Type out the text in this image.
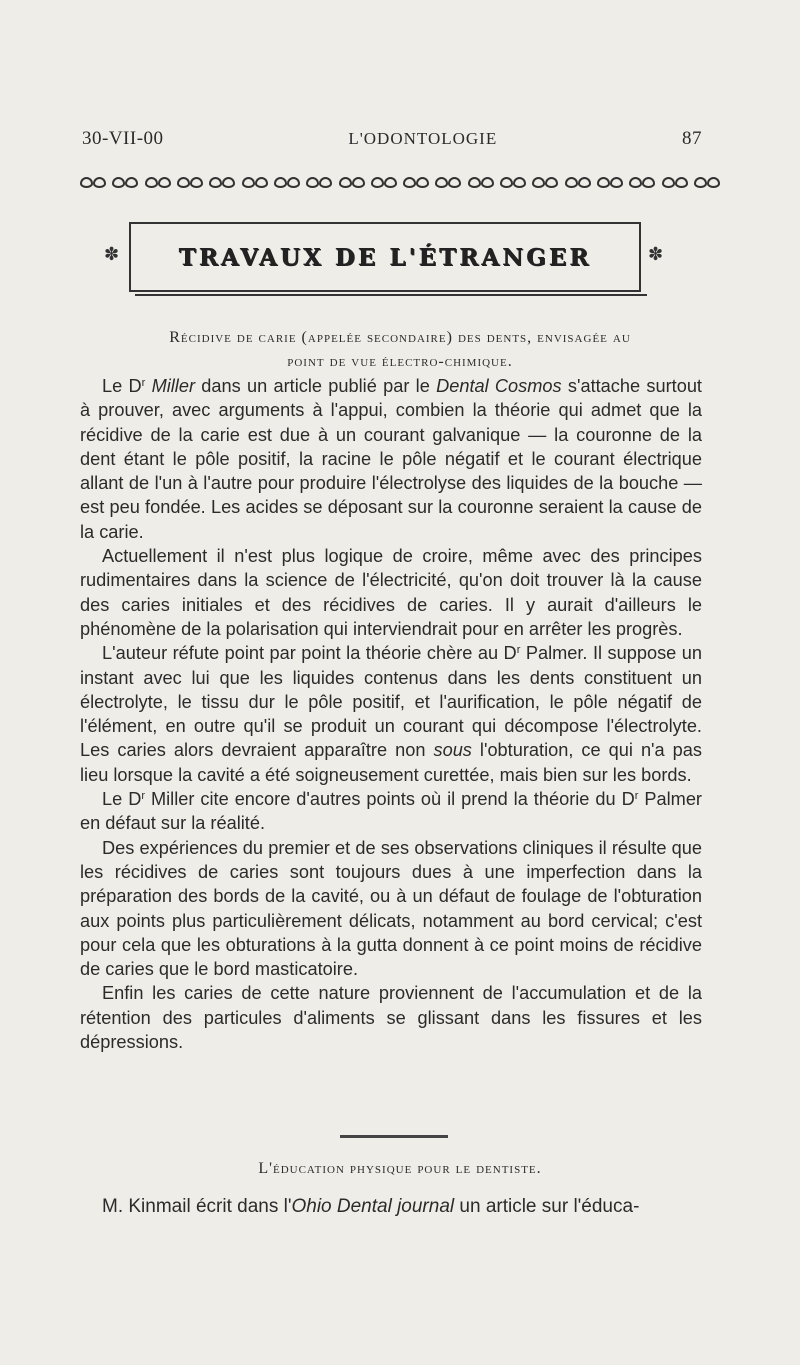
30-VII-00	L'ODONTOLOGIE	87
✽	TRAVAUX DE L'ÉTRANGER	✽
Récidive de carie (appelée secondaire) des dents, envisagée au
point de vue électro-chimique.

Le $D^r$ Miller dans un article publié par le Dental Cosmos s'attache surtout à prouver, avec arguments à l'appui, combien la théorie qui admet que la récidive de la carie est due à un courant galvanique — la couronne de la dent étant le pôle positif, la racine le pôle négatif et le courant électrique allant de l'un à l'autre pour produire l'électrolyse des liquides de la bouche — est peu fondée. Les acides se déposant sur la couronne seraient la cause de la carie.

Actuellement il n'est plus logique de croire, même avec des principes rudimentaires dans la science de l'électricité, qu'on doit trouver là la cause des caries initiales et des récidives de caries. Il y aurait d'ailleurs le phénomène de la polarisation qui interviendrait pour en arrêter les progrès.

L'auteur réfute point par point la théorie chère au $D^r$ Palmer. Il suppose un instant avec lui que les liquides contenus dans les dents constituent un électrolyte, le tissu dur le pôle positif, et l'aurification, le pôle négatif de l'élément, en outre qu'il se produit un courant qui décompose l'électrolyte. Les caries alors devraient apparaître non sous l'obturation, ce qui n'a pas lieu lorsque la cavité a été soigneusement curettée, mais bien sur les bords.

Le $D^r$ Miller cite encore d'autres points où il prend la théorie du $D^r$ Palmer en défaut sur la réalité.

Des expériences du premier et de ses observations cliniques il résulte que les récidives de caries sont toujours dues à une imperfection dans la préparation des bords de la cavité, ou à un défaut de foulage de l'obturation aux points plus particulièrement délicats, notamment au bord cervical; c'est pour cela que les obturations à la gutta donnent à ce point moins de récidive de caries que le bord masticatoire.

Enfin les caries de cette nature proviennent de l'accumulation et de la rétention des particules d'aliments se glissant dans les fissures et les dépressions.

L'éducation physique pour le dentiste.
M. Kinmail écrit dans l'Ohio Dental journal un article sur l'éduca-
